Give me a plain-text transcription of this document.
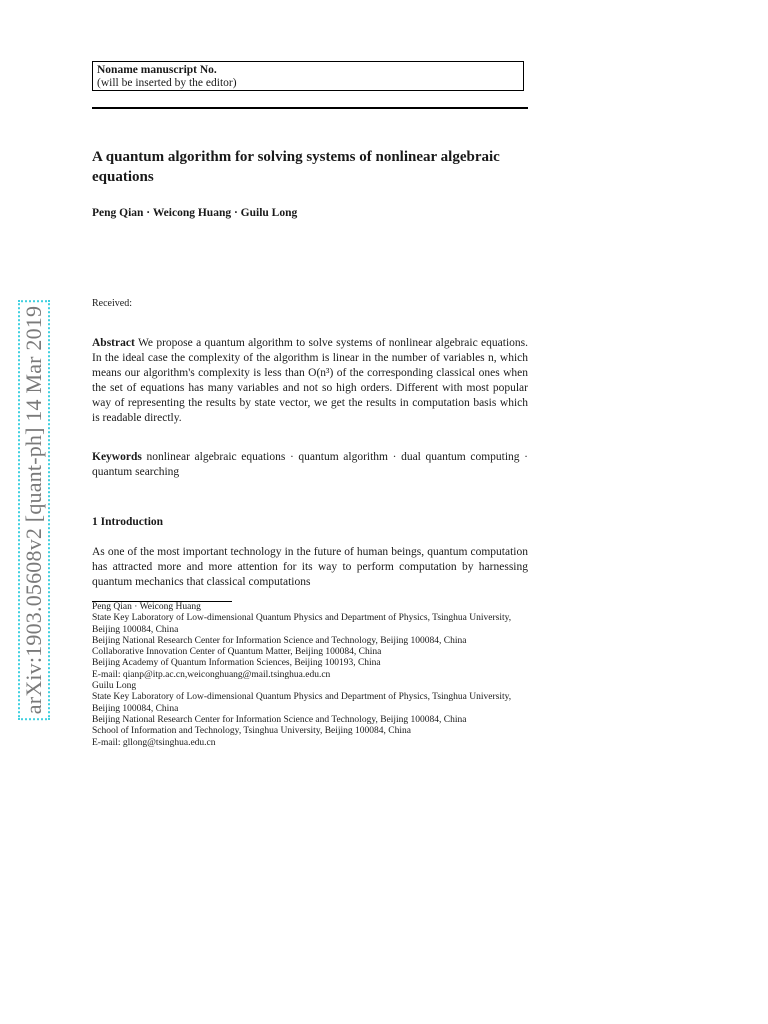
Noname manuscript No.
(will be inserted by the editor)
A quantum algorithm for solving systems of nonlinear algebraic equations
Peng Qian · Weicong Huang · Guilu Long
Received:
Abstract We propose a quantum algorithm to solve systems of nonlinear algebraic equations. In the ideal case the complexity of the algorithm is linear in the number of variables n, which means our algorithm's complexity is less than O(n³) of the corresponding classical ones when the set of equations has many variables and not so high orders. Different with most popular way of representing the results by state vector, we get the results in computation basis which is readable directly.
Keywords nonlinear algebraic equations · quantum algorithm · dual quantum computing · quantum searching
1 Introduction
As one of the most important technology in the future of human beings, quantum computation has attracted more and more attention for its way to perform computation by harnessing quantum mechanics that classical computations
Peng Qian · Weicong Huang
State Key Laboratory of Low-dimensional Quantum Physics and Department of Physics, Tsinghua University, Beijing 100084, China
Beijing National Research Center for Information Science and Technology, Beijing 100084, China
Collaborative Innovation Center of Quantum Matter, Beijing 100084, China
Beijing Academy of Quantum Information Sciences, Beijing 100193, China
E-mail: qianp@itp.ac.cn,weiconghuang@mail.tsinghua.edu.cn
Guilu Long
State Key Laboratory of Low-dimensional Quantum Physics and Department of Physics, Tsinghua University, Beijing 100084, China
Beijing National Research Center for Information Science and Technology, Beijing 100084, China
School of Information and Technology, Tsinghua University, Beijing 100084, China
E-mail: gllong@tsinghua.edu.cn
arXiv:1903.05608v2 [quant-ph] 14 Mar 2019
